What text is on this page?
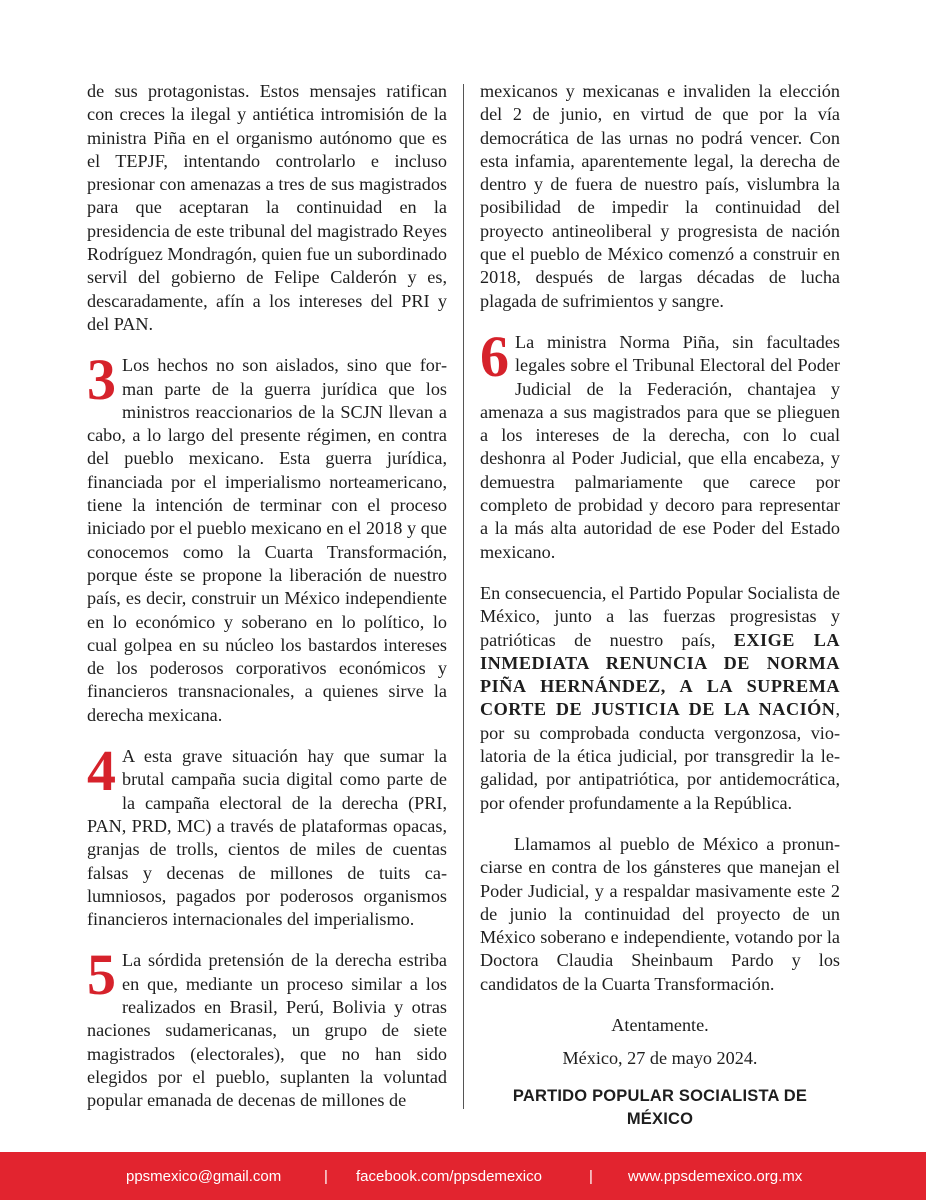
de sus protagonistas. Estos mensajes ratifican con creces la ilegal y antiética intromisión de la ministra Piña en el organismo autónomo que es el TEPJF, intentando controlarlo e incluso presionar con amenazas a tres de sus magistrados para que aceptaran la continuidad en la presidencia de este tribunal del magistrado Reyes Rodríguez Mondragón, quien fue un subordinado servil del gobierno de Felipe Calderón y es, descaradamente, afín a los intereses del PRI y del PAN.

3 Los hechos no son aislados, sino que forman parte de la guerra jurídica que los ministros reaccionarios de la SCJN llevan a cabo, a lo largo del presente régimen, en contra del pueblo mexicano. Esta guerra jurídica, financiada por el imperialismo norteamericano, tiene la intención de terminar con el proceso iniciado por el pueblo mexicano en el 2018 y que conocemos como la Cuarta Transformación, porque éste se propone la liberación de nuestro país, es decir, construir un México independiente en lo económico y soberano en lo político, lo cual golpea en su núcleo los bastardos intereses de los poderosos corporativos económicos y financieros transnacionales, a quienes sirve la derecha mexicana.

4 A esta grave situación hay que sumar la brutal campaña sucia digital como parte de la campaña electoral de la derecha (PRI, PAN, PRD, MC) a través de plataformas opacas, granjas de trolls, cientos de miles de cuentas falsas y decenas de millones de tuits calumniosos, pagados por poderosos organismos financieros internacionales del imperialismo.

5 La sórdida pretensión de la derecha estriba en que, mediante un proceso similar a los realizados en Brasil, Perú, Bolivia y otras naciones sudamericanas, un grupo de siete magistrados (electorales), que no han sido elegidos por el pueblo, suplanten la voluntad popular emanada de decenas de millones de

mexicanos y mexicanas e invaliden la elección del 2 de junio, en virtud de que por la vía democrática de las urnas no podrá vencer. Con esta infamia, aparentemente legal, la derecha de dentro y de fuera de nuestro país, vislumbra la posibilidad de impedir la continuidad del proyecto antineoliberal y progresista de nación que el pueblo de México comenzó a construir en 2018, después de largas décadas de lucha plagada de sufrimientos y sangre.

6 La ministra Norma Piña, sin facultades legales sobre el Tribunal Electoral del Poder Judicial de la Federación, chantajea y amenaza a sus magistrados para que se plieguen a los intereses de la derecha, con lo cual deshonra al Poder Judicial, que ella encabeza, y demuestra palmariamente que carece por completo de probidad y decoro para representar a la más alta autoridad de ese Poder del Estado mexicano.

En consecuencia, el Partido Popular Socialista de México, junto a las fuerzas progresistas y patrióticas de nuestro país, EXIGE LA INMEDIATA RENUNCIA DE NORMA PIÑA HERNÁNDEZ, A LA SUPREMA CORTE DE JUSTICIA DE LA NACIÓN, por su comprobada conducta vergonzosa, violatoria de la ética judicial, por transgredir la legalidad, por antipatriótica, por antidemocrática, por ofender profundamente a la República.

Llamamos al pueblo de México a pronunciarse en contra de los gánsteres que manejan el Poder Judicial, y a respaldar masivamente este 2 de junio la continuidad del proyecto de un México soberano e independiente, votando por la Doctora Claudia Sheinbaum Pardo y los candidatos de la Cuarta Transformación.

Atentamente.

México, 27 de mayo 2024.

PARTIDO POPULAR SOCIALISTA DE MÉXICO
ppsmexico@gmail.com	| facebook.com/ppsdemexico	| www.ppsdemexico.org.mx
